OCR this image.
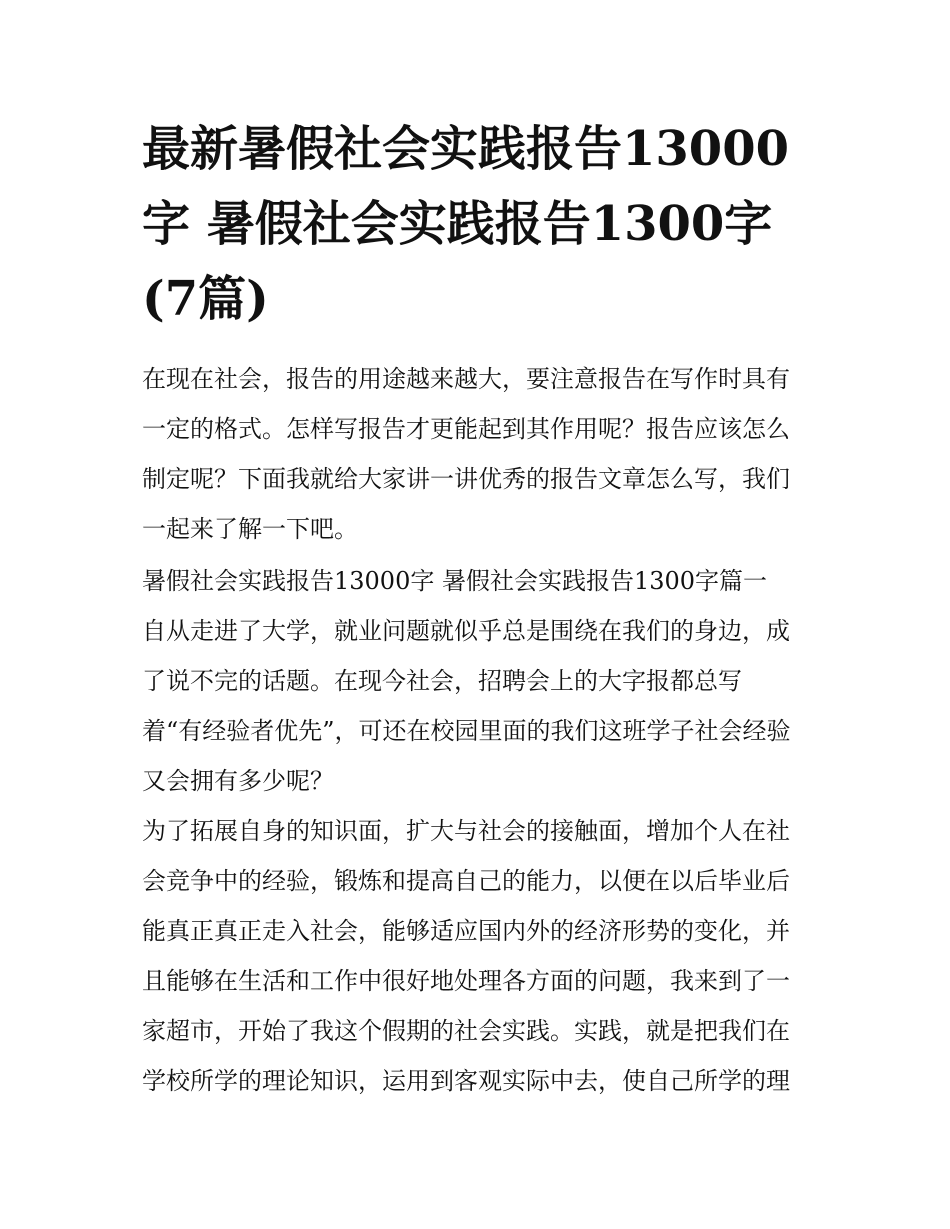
最新暑假社会实践报告13000
字 暑假社会实践报告1300字
(7篇)
在现在社会，报告的用途越来越大，要注意报告在写作时具有
一定的格式。怎样写报告才更能起到其作用呢？报告应该怎么
制定呢？下面我就给大家讲一讲优秀的报告文章怎么写，我们
一起来了解一下吧。
暑假社会实践报告13000字 暑假社会实践报告1300字篇一
自从走进了大学，就业问题就似乎总是围绕在我们的身边，成
了说不完的话题。在现今社会，招聘会上的大字报都总写
着“有经验者优先”，可还在校园里面的我们这班学子社会经验
又会拥有多少呢？
为了拓展自身的知识面，扩大与社会的接触面，增加个人在社
会竞争中的经验，锻炼和提高自己的能力，以便在以后毕业后
能真正真正走入社会，能够适应国内外的经济形势的变化，并
且能够在生活和工作中很好地处理各方面的问题，我来到了一
家超市，开始了我这个假期的社会实践。实践，就是把我们在
学校所学的理论知识，运用到客观实际中去，使自己所学的理
